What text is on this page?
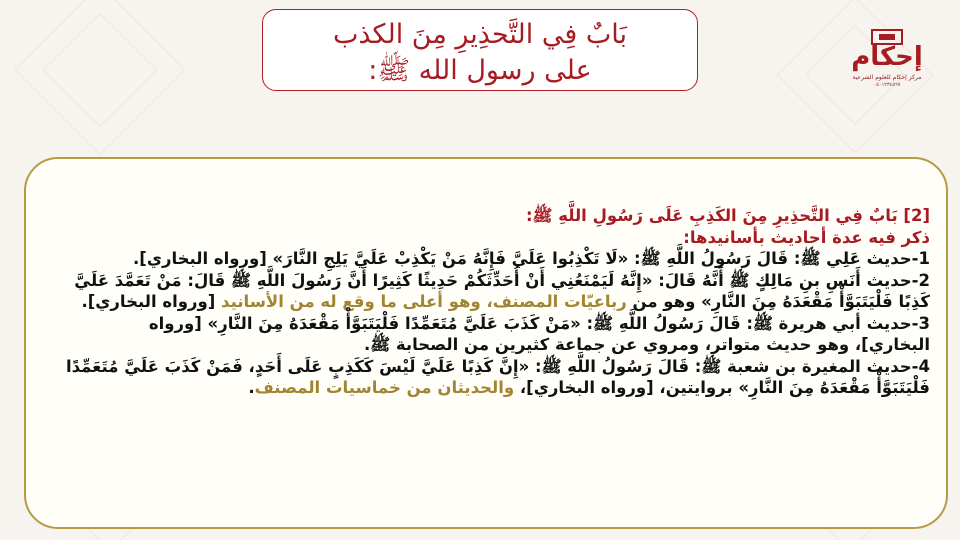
بَابٌ فِي التَّحذِيرِ مِنَ الكذب
على رسول الله ﷺ:	إحكام
مركز إحكام للعلوم الشرعية
٠٥٠١٢٣٤٥٦٧

[2] بَابٌ فِي التَّحذِيرِ مِنَ الكَذِبِ عَلَى رَسُولِ اللَّهِ ﷺ:

ذكر فيه عدة أحاديث بأسانيدها:

1-حديث عَلِي ﷺ: قَالَ رَسُولُ اللَّهِ ﷺ: «لَا تَكْذِبُوا عَلَيَّ فَإِنَّهُ مَنْ يَكْذِبْ عَلَيَّ يَلِجِ النَّارَ» [ورواه البخاري].

2-حديث أَنَسِ بنِ مَالِكٍ ﷺ أَنَّهُ قَالَ: «إِنَّهُ لَيَمْنَعُنِي أَنْ أُحَدِّثَكُمْ حَدِيثًا كَثِيرًا أَنَّ رَسُولَ اللَّهِ ﷺ قَالَ: مَنْ تَعَمَّدَ عَلَيَّ

كَذِبًا فَلْيَتَبَوَّأْ مَقْعَدَهُ مِنَ النَّارِ» وهو من رباعيّات المصنف، وهو أعلى ما وقع له من الأسانيد [ورواه البخاري].

3-حديث أبي هريرة ﷺ: قَالَ رَسُولُ اللَّهِ ﷺ: «مَنْ كَذَبَ عَلَيَّ مُتَعَمِّدًا فَلْيَتَبَوَّأْ مَقْعَدَهُ مِنَ النَّارِ» [ورواه

البخاري]، وهو حديث متواتر، ومروي عن جماعة كثيرين من الصحابة ﷺ.

4-حديث المغيرة بن شعبة ﷺ: قَالَ رَسُولُ اللَّهِ ﷺ: «إِنَّ كَذِبًا عَلَيَّ لَيْسَ كَكَذِبٍ عَلَى أَحَدٍ، فَمَنْ كَذَبَ عَلَيَّ مُتَعَمِّدًا

فَلْيَتَبَوَّأْ مَقْعَدَهُ مِنَ النَّارِ» بروايتين، [ورواه البخاري]، والحديثان من خماسيات المصنف.
